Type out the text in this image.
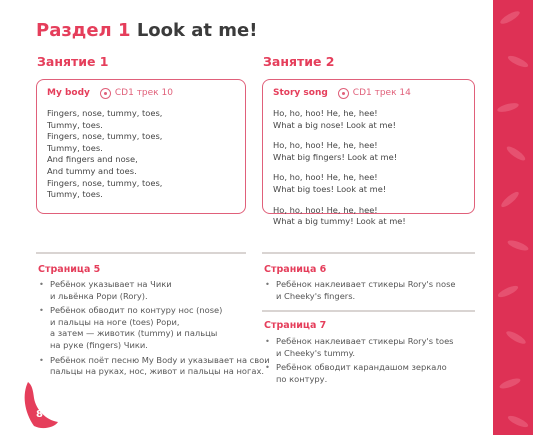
Раздел 1 Look at me!
Занятие 1
My body	CD1 трек 10
Fingers, nose, tummy, toes,
Tummy, toes.
Fingers, nose, tummy, toes,
Tummy, toes.
And fingers and nose,
And tummy and toes.
Fingers, nose, tummy, toes,
Tummy, toes.
Занятие 2
Story song	CD1 трек 14
Ho, ho, hoo! He, he, hee!
What a big nose! Look at me!
Ho, ho, hoo! He, he, hee!
What big fingers! Look at me!
Ho, ho, hoo! He, he, hee!
What big toes! Look at me!
Ho, ho, hoo! He, he, hee!
What a big tummy! Look at me!
Страница 5
• Ребёнок указывает на Чики
и львёнка Рори (Rory).
• Ребёнок обводит по контуру нос (nose)
и пальцы на ноге (toes) Рори,
а затем — животик (tummy) и пальцы
на руке (fingers) Чики.
• Ребёнок поёт песню My Body и указывает на свои
пальцы на руках, нос, живот и пальцы на ногах.
Страница 6
• Ребёнок наклеивает стикеры Rory's nose
и Cheeky's fingers.
Страница 7
• Ребёнок наклеивает стикеры Rory's toes
и Cheeky's tummy.
• Ребёнок обводит карандашом зеркало
по контуру.
8
